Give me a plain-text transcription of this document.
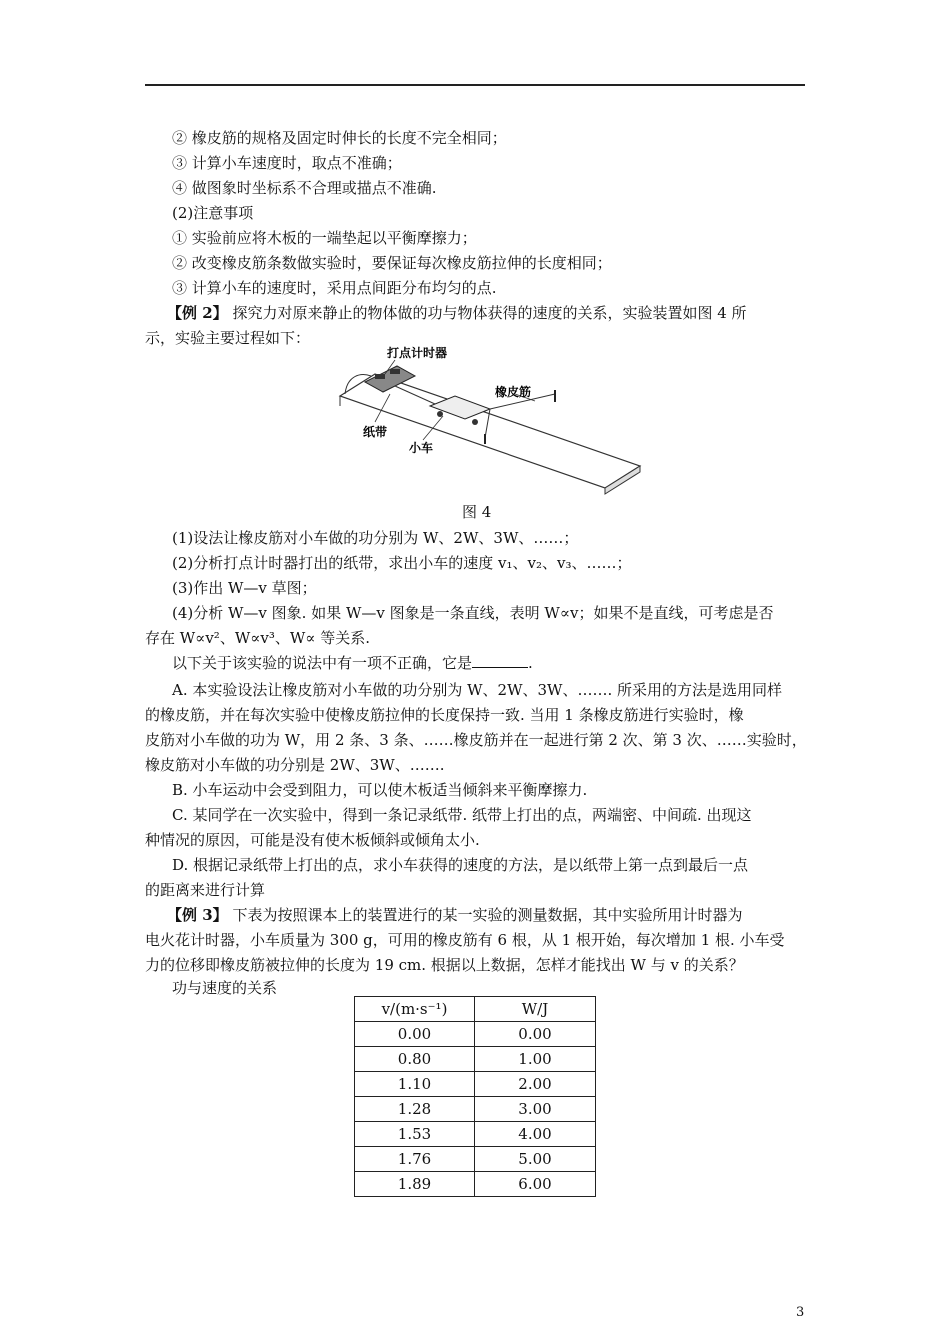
② 橡皮筋的规格及固定时伸长的长度不完全相同；
③ 计算小车速度时，取点不准确；
④ 做图象时坐标系不合理或描点不准确.
(2)注意事项
① 实验前应将木板的一端垫起以平衡摩擦力；
② 改变橡皮筋条数做实验时，要保证每次橡皮筋拉伸的长度相同；
③ 计算小车的速度时，采用点间距分布均匀的点.
【例 2】 探究力对原来静止的物体做的功与物体获得的速度的关系，实验装置如图 4 所
示，实验主要过程如下：
打点计时器
橡皮筋
纸带
小车
图 4
(1)设法让橡皮筋对小车做的功分别为 W、2W、3W、……；
(2)分析打点计时器打出的纸带，求出小车的速度 v₁、v₂、v₃、……；
(3)作出 W—v 草图；
(4)分析 W—v 图象. 如果 W—v 图象是一条直线，表明 W∝v；如果不是直线，可考虑是否
存在 W∝v²、W∝v³、W∝ 等关系.
以下关于该实验的说法中有一项不正确，它是	.
A. 本实验设法让橡皮筋对小车做的功分别为 W、2W、3W、……. 所采用的方法是选用同样
的橡皮筋，并在每次实验中使橡皮筋拉伸的长度保持一致. 当用 1 条橡皮筋进行实验时，橡
皮筋对小车做的功为 W，用 2 条、3 条、……橡皮筋并在一起进行第 2 次、第 3 次、……实验时，
橡皮筋对小车做的功分别是 2W、3W、…….
B. 小车运动中会受到阻力，可以使木板适当倾斜来平衡摩擦力.
C. 某同学在一次实验中，得到一条记录纸带. 纸带上打出的点，两端密、中间疏. 出现这
种情况的原因，可能是没有使木板倾斜或倾角太小.
D. 根据记录纸带上打出的点，求小车获得的速度的方法，是以纸带上第一点到最后一点
的距离来进行计算
【例 3】 下表为按照课本上的装置进行的某一实验的测量数据，其中实验所用计时器为
电火花计时器，小车质量为 300 g，可用的橡皮筋有 6 根，从 1 根开始，每次增加 1 根. 小车受
力的位移即橡皮筋被拉伸的长度为 19 cm. 根据以上数据，怎样才能找出 W 与 v 的关系？
功与速度的关系
v/(m·s⁻¹)	W/J
0.00	0.00
0.80	1.00
1.10	2.00
1.28	3.00
1.53	4.00
1.76	5.00
1.89	6.00
3
